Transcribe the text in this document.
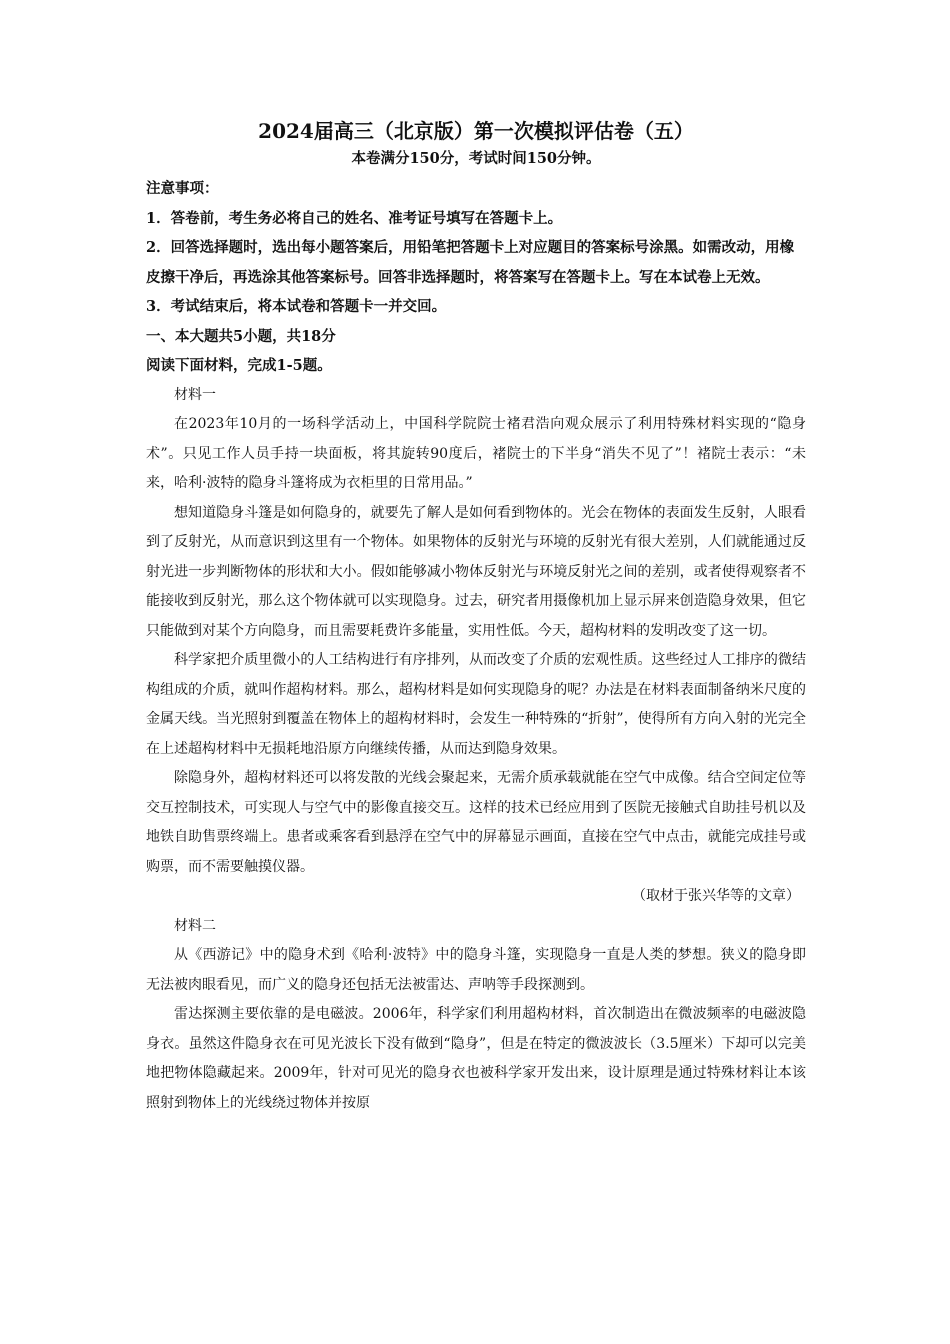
2024届高三（北京版）第一次模拟评估卷（五）

本卷满分150分，考试时间150分钟。

注意事项：

1．答卷前，考生务必将自己的姓名、准考证号填写在答题卡上。

2．回答选择题时，选出每小题答案后，用铅笔把答题卡上对应题目的答案标号涂黑。如需改动，用橡皮擦干净后，再选涂其他答案标号。回答非选择题时，将答案写在答题卡上。写在本试卷上无效。

3．考试结束后，将本试卷和答题卡一并交回。

一、本大题共5小题，共18分

阅读下面材料，完成1-5题。

材料一

在2023年10月的一场科学活动上，中国科学院院士褚君浩向观众展示了利用特殊材料实现的“隐身术”。只见工作人员手持一块面板，将其旋转90度后，褚院士的下半身“消失不见了”！褚院士表示：“未来，哈利·波特的隐身斗篷将成为衣柜里的日常用品。”

想知道隐身斗篷是如何隐身的，就要先了解人是如何看到物体的。光会在物体的表面发生反射，人眼看到了反射光，从而意识到这里有一个物体。如果物体的反射光与环境的反射光有很大差别，人们就能通过反射光进一步判断物体的形状和大小。假如能够减小物体反射光与环境反射光之间的差别，或者使得观察者不能接收到反射光，那么这个物体就可以实现隐身。过去，研究者用摄像机加上显示屏来创造隐身效果，但它只能做到对某个方向隐身，而且需要耗费许多能量，实用性低。今天，超构材料的发明改变了这一切。

科学家把介质里微小的人工结构进行有序排列，从而改变了介质的宏观性质。这些经过人工排序的微结构组成的介质，就叫作超构材料。那么，超构材料是如何实现隐身的呢？办法是在材料表面制备纳米尺度的金属天线。当光照射到覆盖在物体上的超构材料时，会发生一种特殊的“折射”，使得所有方向入射的光完全在上述超构材料中无损耗地沿原方向继续传播，从而达到隐身效果。

除隐身外，超构材料还可以将发散的光线会聚起来，无需介质承载就能在空气中成像。结合空间定位等交互控制技术，可实现人与空气中的影像直接交互。这样的技术已经应用到了医院无接触式自助挂号机以及地铁自助售票终端上。患者或乘客看到悬浮在空气中的屏幕显示画面，直接在空气中点击，就能完成挂号或购票，而不需要触摸仪器。

（取材于张兴华等的文章）

材料二

从《西游记》中的隐身术到《哈利·波特》中的隐身斗篷，实现隐身一直是人类的梦想。狭义的隐身即无法被肉眼看见，而广义的隐身还包括无法被雷达、声呐等手段探测到。

雷达探测主要依靠的是电磁波。2006年，科学家们利用超构材料，首次制造出在微波频率的电磁波隐身衣。虽然这件隐身衣在可见光波长下没有做到“隐身”，但是在特定的微波波长（3.5厘米）下却可以完美地把物体隐藏起来。2009年，针对可见光的隐身衣也被科学家开发出来，设计原理是通过特殊材料让本该照射到物体上的光线绕过物体并按原
